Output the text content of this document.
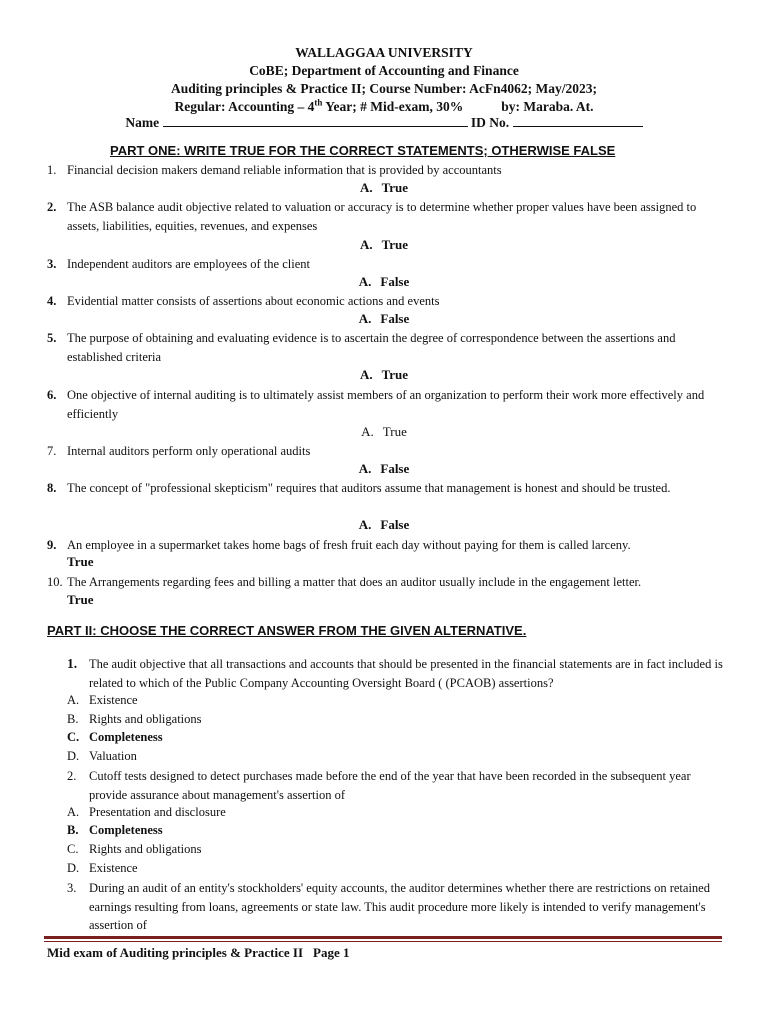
WALLAGGAA UNIVERSITY
CoBE; Department of Accounting and Finance
Auditing principles & Practice II; Course Number: AcFn4062; May/2023;
Regular: Accounting – 4th Year; # Mid-exam, 30%	by: Maraba. At.
Name	ID No.
PART ONE: WRITE TRUE FOR THE CORRECT STATEMENTS; OTHERWISE FALSE
1. Financial decision makers demand reliable information that is provided by accountants
A. True
2. The ASB balance audit objective related to valuation or accuracy is to determine whether proper values have been assigned to assets, liabilities, equities, revenues, and expenses
A. True
3. Independent auditors are employees of the client
A. False
4. Evidential matter consists of assertions about economic actions and events
A. False
5. The purpose of obtaining and evaluating evidence is to ascertain the degree of correspondence between the assertions and established criteria
A. True
6. One objective of internal auditing is to ultimately assist members of an organization to perform their work more effectively and efficiently
A. True
7. Internal auditors perform only operational audits
A. False
8. The concept of "professional skepticism" requires that auditors assume that management is honest and should be trusted.
A. False
9. An employee in a supermarket takes home bags of fresh fruit each day without paying for them is called larceny.
True
10. The Arrangements regarding fees and billing a matter that does an auditor usually include in the engagement letter.
True
PART II: CHOOSE THE CORRECT ANSWER FROM THE GIVEN ALTERNATIVE.
1. The audit objective that all transactions and accounts that should be presented in the financial statements are in fact included is related to which of the Public Company Accounting Oversight Board ( (PCAOB) assertions?
A. Existence
B. Rights and obligations
C. Completeness
D. Valuation
2.	Cutoff tests designed to detect purchases made before the end of the year that have been recorded in the subsequent year provide assurance about management's assertion of
A. Presentation and disclosure
B. Completeness
C. Rights and obligations
D. Existence
3.	During an audit of an entity's stockholders' equity accounts, the auditor determines whether there are restrictions on retained earnings resulting from loans, agreements or state law. This audit procedure more likely is intended to verify management's assertion of
Mid exam of Auditing principles & Practice II Page 1
